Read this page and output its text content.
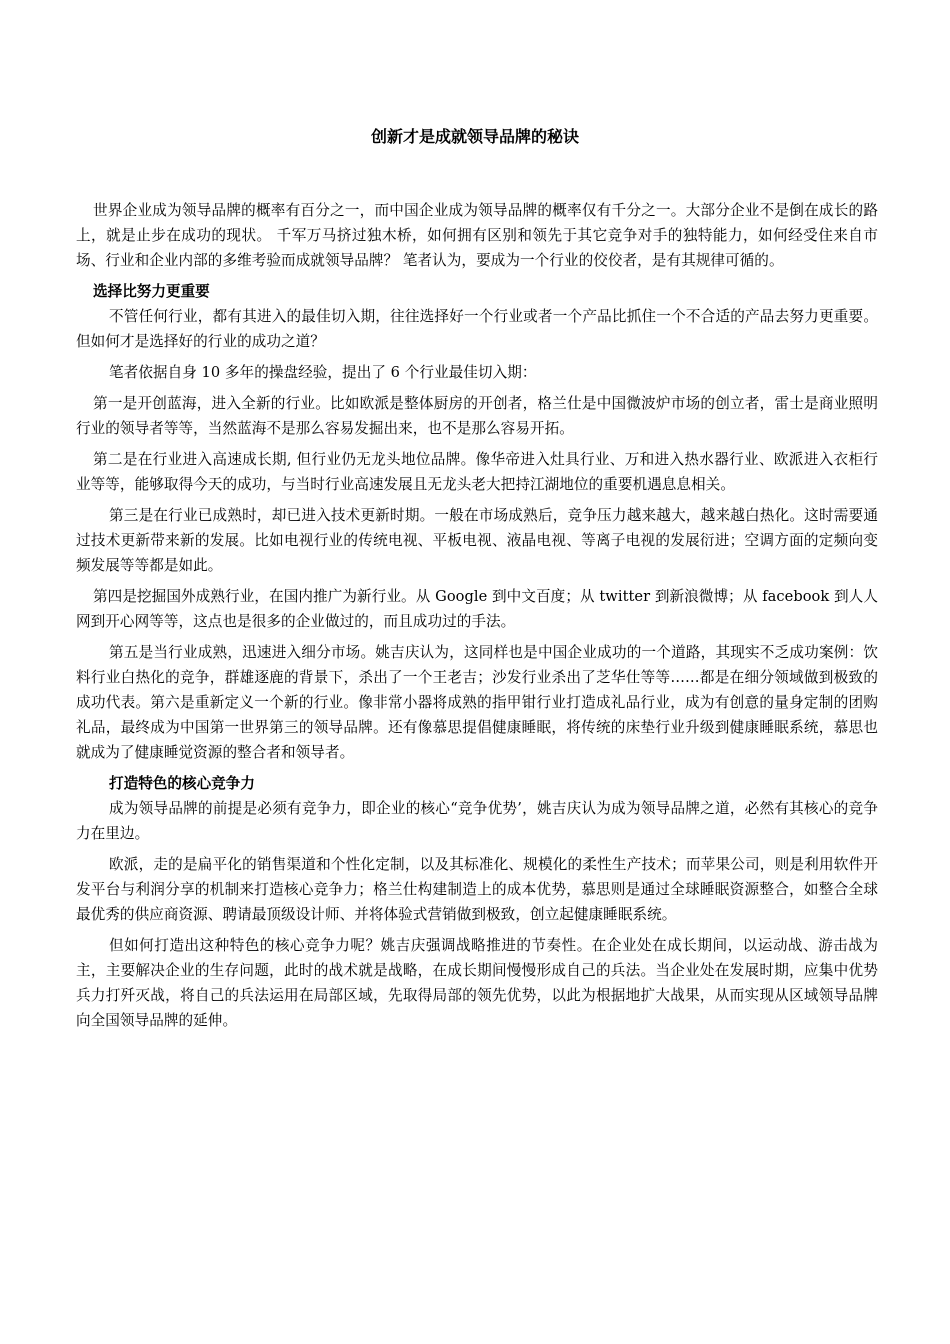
创新才是成就领导品牌的秘诀

世界企业成为领导品牌的概率有百分之一，而中国企业成为领导品牌的概率仅有千分之一。大部分企业不是倒在成长的路上，就是止步在成功的现状。 千军万马挤过独木桥，如何拥有区别和领先于其它竞争对手的独特能力，如何经受住来自市场、行业和企业内部的多维考验而成就领导品牌？ 笔者认为，要成为一个行业的佼佼者，是有其规律可循的。

选择比努力更重要

不管任何行业，都有其进入的最佳切入期，往往选择好一个行业或者一个产品比抓住一个不合适的产品去努力更重要。但如何才是选择好的行业的成功之道？

笔者依据自身 10 多年的操盘经验，提出了 6 个行业最佳切入期：

第一是开创蓝海，进入全新的行业。比如欧派是整体厨房的开创者，格兰仕是中国微波炉市场的创立者，雷士是商业照明行业的领导者等等，当然蓝海不是那么容易发掘出来，也不是那么容易开拓。

第二是在行业进入高速成长期, 但行业仍无龙头地位品牌。像华帝进入灶具行业、万和进入热水器行业、欧派进入衣柜行业等等，能够取得今天的成功，与当时行业高速发展且无龙头老大把持江湖地位的重要机遇息息相关。

第三是在行业已成熟时，却已进入技术更新时期。一般在市场成熟后，竞争压力越来越大，越来越白热化。这时需要通过技术更新带来新的发展。比如电视行业的传统电视、平板电视、液晶电视、等离子电视的发展衍进；空调方面的定频向变频发展等等都是如此。

第四是挖掘国外成熟行业，在国内推广为新行业。从 Google 到中文百度；从 twitter 到新浪微博；从 facebook 到人人网到开心网等等，这点也是很多的企业做过的，而且成功过的手法。

第五是当行业成熟，迅速进入细分市场。姚吉庆认为，这同样也是中国企业成功的一个道路，其现实不乏成功案例：饮料行业白热化的竞争，群雄逐鹿的背景下，杀出了一个王老吉；沙发行业杀出了芝华仕等等……都是在细分领域做到极致的成功代表。第六是重新定义一个新的行业。像非常小器将成熟的指甲钳行业打造成礼品行业，成为有创意的量身定制的团购礼品，最终成为中国第一世界第三的领导品牌。还有像慕思提倡健康睡眠，将传统的床垫行业升级到健康睡眠系统，慕思也就成为了健康睡觉资源的整合者和领导者。

打造特色的核心竞争力

成为领导品牌的前提是必须有竞争力，即企业的核心“竞争优势’，姚吉庆认为成为领导品牌之道，必然有其核心的竞争力在里边。

欧派，走的是扁平化的销售渠道和个性化定制，以及其标准化、规模化的柔性生产技术；而苹果公司，则是利用软件开发平台与利润分享的机制来打造核心竞争力；格兰仕构建制造上的成本优势，慕思则是通过全球睡眠资源整合，如整合全球最优秀的供应商资源、聘请最顶级设计师、并将体验式营销做到极致，创立起健康睡眠系统。

但如何打造出这种特色的核心竞争力呢？姚吉庆强调战略推进的节奏性。在企业处在成长期间，以运动战、游击战为主，主要解决企业的生存问题，此时的战术就是战略，在成长期间慢慢形成自己的兵法。当企业处在发展时期，应集中优势兵力打歼灭战，将自己的兵法运用在局部区域，先取得局部的领先优势，以此为根据地扩大战果，从而实现从区域领导品牌向全国领导品牌的延伸。
